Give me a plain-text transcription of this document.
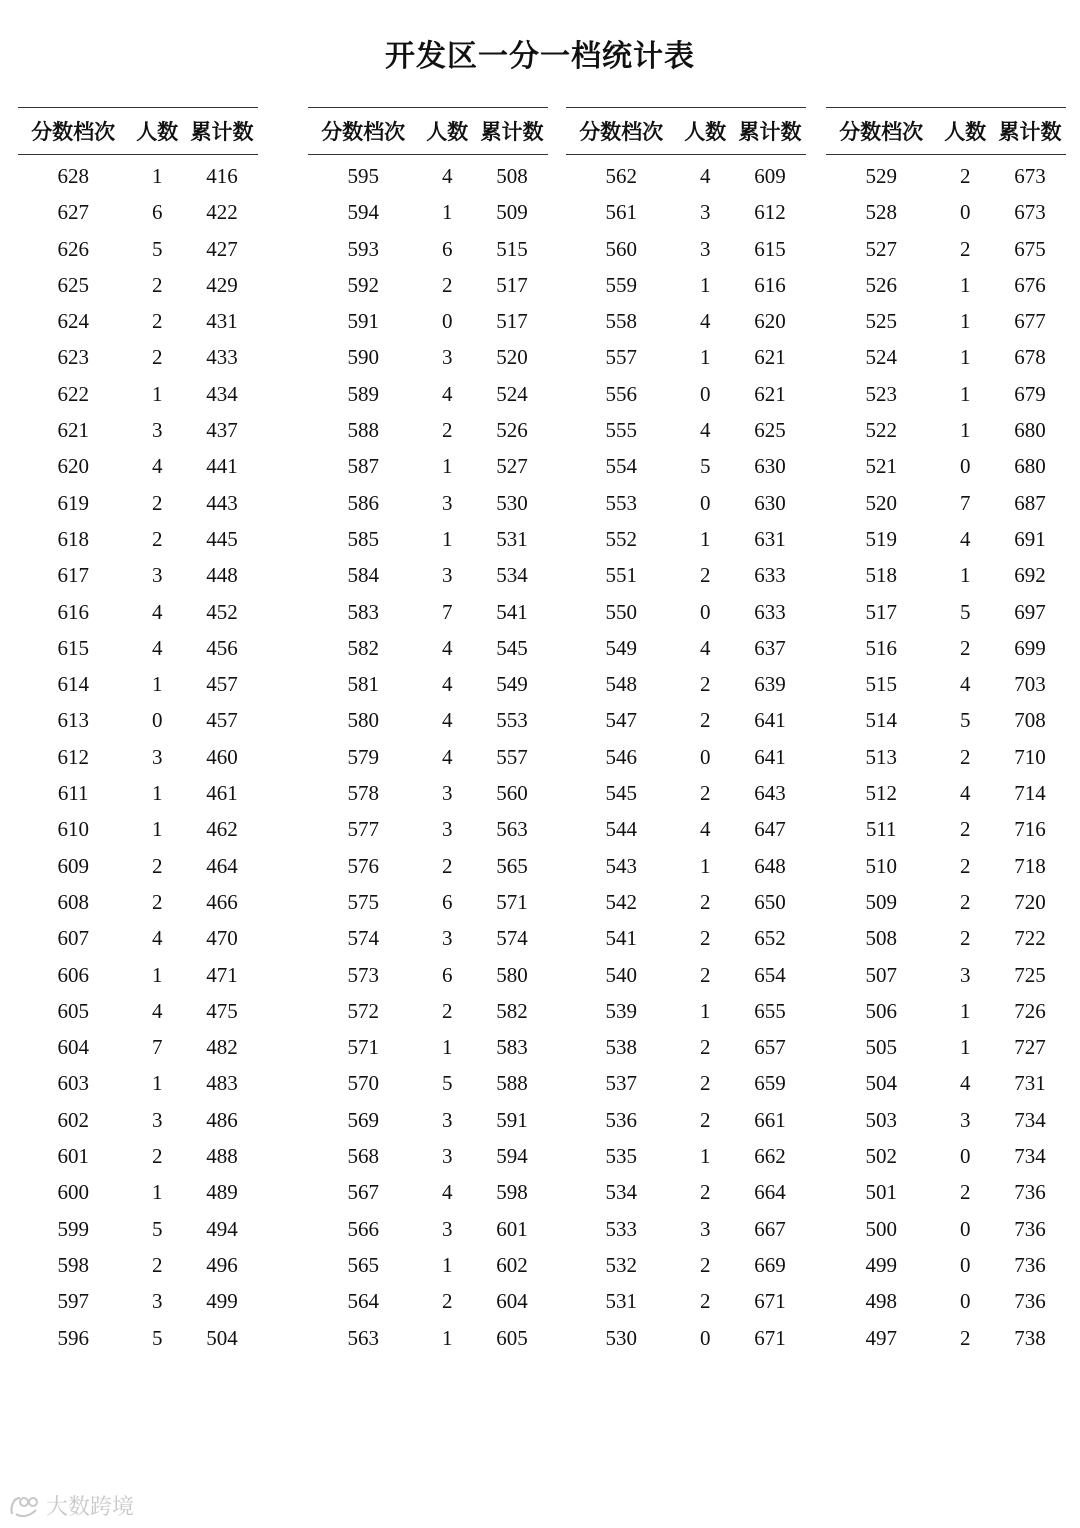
开发区一分一档统计表
分数档次	人数	累计数
628	1	416
627	6	422
626	5	427
625	2	429
624	2	431
623	2	433
622	1	434
621	3	437
620	4	441
619	2	443
618	2	445
617	3	448
616	4	452
615	4	456
614	1	457
613	0	457
612	3	460
611	1	461
610	1	462
609	2	464
608	2	466
607	4	470
606	1	471
605	4	475
604	7	482
603	1	483
602	3	486
601	2	488
600	1	489
599	5	494
598	2	496
597	3	499
596	5	504
分数档次	人数	累计数
595	4	508
594	1	509
593	6	515
592	2	517
591	0	517
590	3	520
589	4	524
588	2	526
587	1	527
586	3	530
585	1	531
584	3	534
583	7	541
582	4	545
581	4	549
580	4	553
579	4	557
578	3	560
577	3	563
576	2	565
575	6	571
574	3	574
573	6	580
572	2	582
571	1	583
570	5	588
569	3	591
568	3	594
567	4	598
566	3	601
565	1	602
564	2	604
563	1	605
分数档次	人数	累计数
562	4	609
561	3	612
560	3	615
559	1	616
558	4	620
557	1	621
556	0	621
555	4	625
554	5	630
553	0	630
552	1	631
551	2	633
550	0	633
549	4	637
548	2	639
547	2	641
546	0	641
545	2	643
544	4	647
543	1	648
542	2	650
541	2	652
540	2	654
539	1	655
538	2	657
537	2	659
536	2	661
535	1	662
534	2	664
533	3	667
532	2	669
531	2	671
530	0	671
分数档次	人数	累计数
529	2	673
528	0	673
527	2	675
526	1	676
525	1	677
524	1	678
523	1	679
522	1	680
521	0	680
520	7	687
519	4	691
518	1	692
517	5	697
516	2	699
515	4	703
514	5	708
513	2	710
512	4	714
511	2	716
510	2	718
509	2	720
508	2	722
507	3	725
506	1	726
505	1	727
504	4	731
503	3	734
502	0	734
501	2	736
500	0	736
499	0	736
498	0	736
497	2	738
大数跨境
